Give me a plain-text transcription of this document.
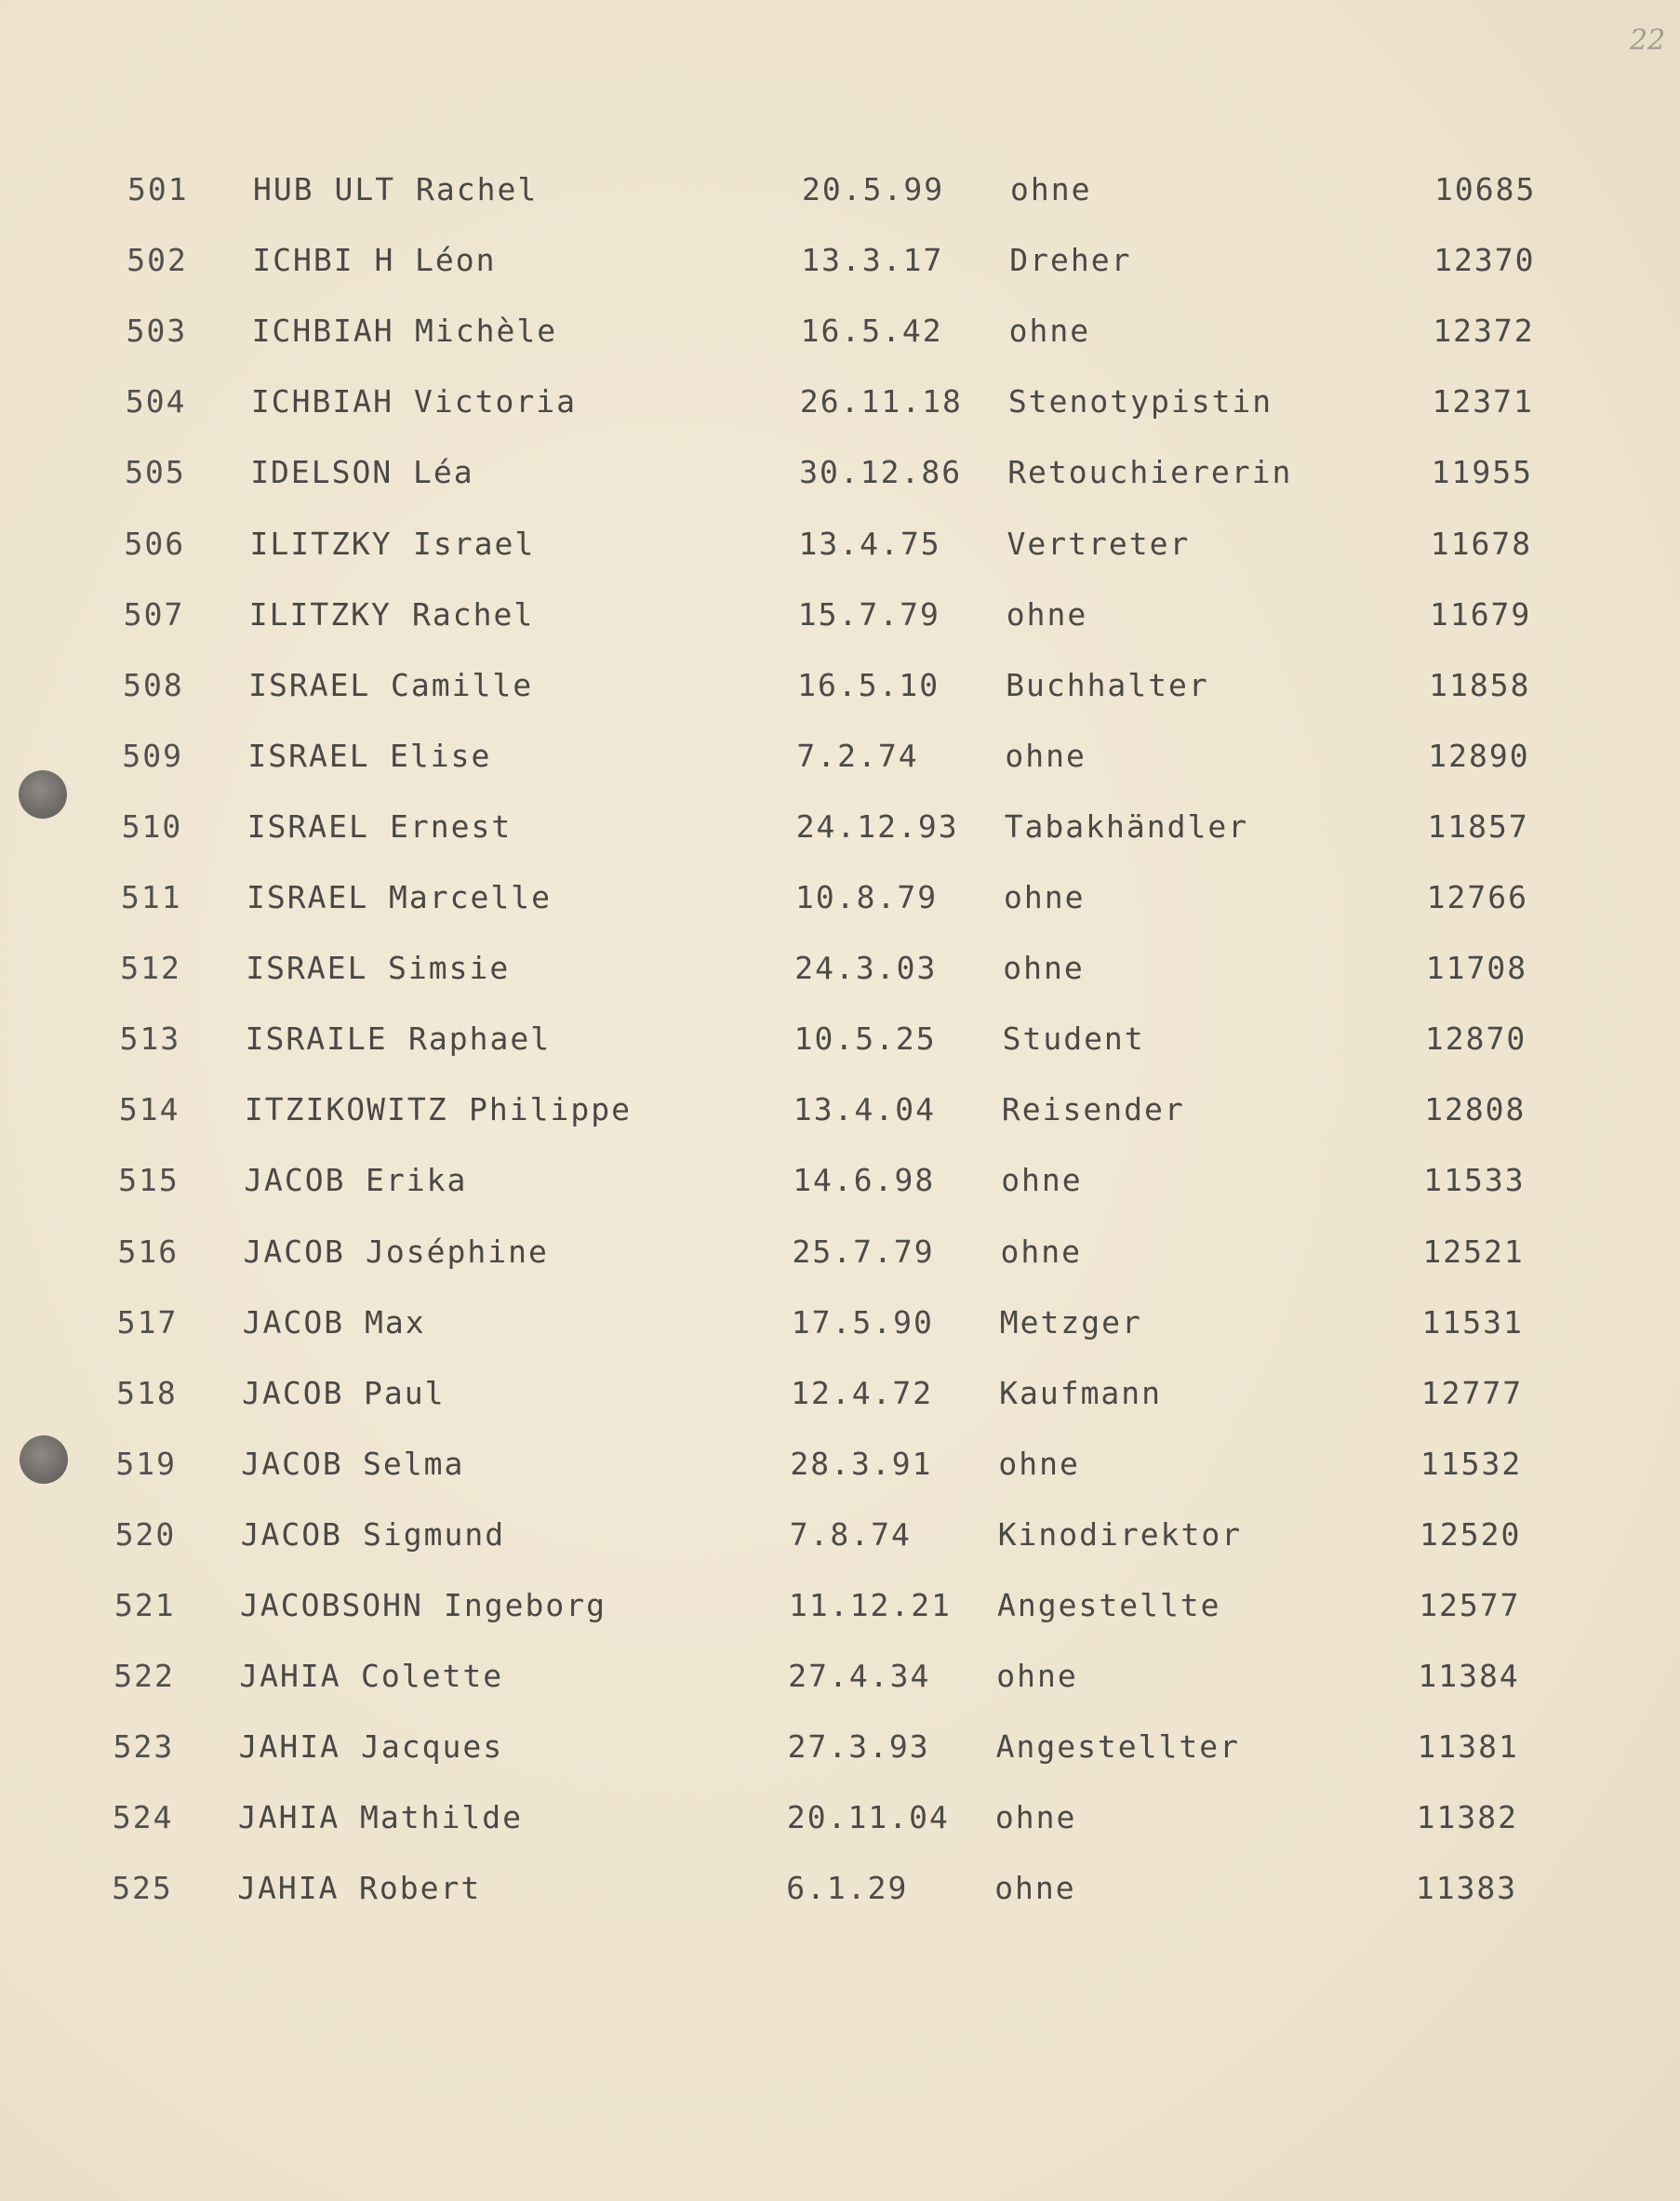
22
501 HUB ULT Rachel	20.5.99 ohne	10685
502 ICHBI H Léon	13.3.17 Dreher	12370
503 ICHBIAH Michèle	16.5.42 ohne	12372
504 ICHBIAH Victoria	26.11.18 Stenotypistin	12371
505 IDELSON Léa	30.12.86 Retouchiererin	11955
506 ILITZKY Israel	13.4.75 Vertreter	11678
507 ILITZKY Rachel	15.7.79 ohne	11679
508 ISRAEL Camille	16.5.10 Buchhalter	11858
509 ISRAEL Elise	7.2.74	ohne	12890
510 ISRAEL Ernest	24.12.93 Tabakhändler	11857
511 ISRAEL Marcelle	10.8.79 ohne	12766
512 ISRAEL Simsie	24.3.03 ohne	11708
513 ISRAILE Raphael	10.5.25 Student	12870
514 ITZIKOWITZ Philippe	13.4.04 Reisender	12808
515 JACOB Erika	14.6.98 ohne	11533
516 JACOB Joséphine	25.7.79 ohne	12521
517 JACOB Max	17.5.90 Metzger	11531
518 JACOB Paul	12.4.72 Kaufmann	12777
519 JACOB Selma	28.3.91 ohne	11532
520 JACOB Sigmund	7.8.74	Kinodirektor	12520
521 JACOBSOHN Ingeborg	11.12.21 Angestellte	12577
522 JAHIA Colette	27.4.34 ohne	11384
523 JAHIA Jacques	27.3.93 Angestellter	11381
524 JAHIA Mathilde	20.11.04 ohne	11382
525 JAHIA Robert	6.1.29	ohne	11383
